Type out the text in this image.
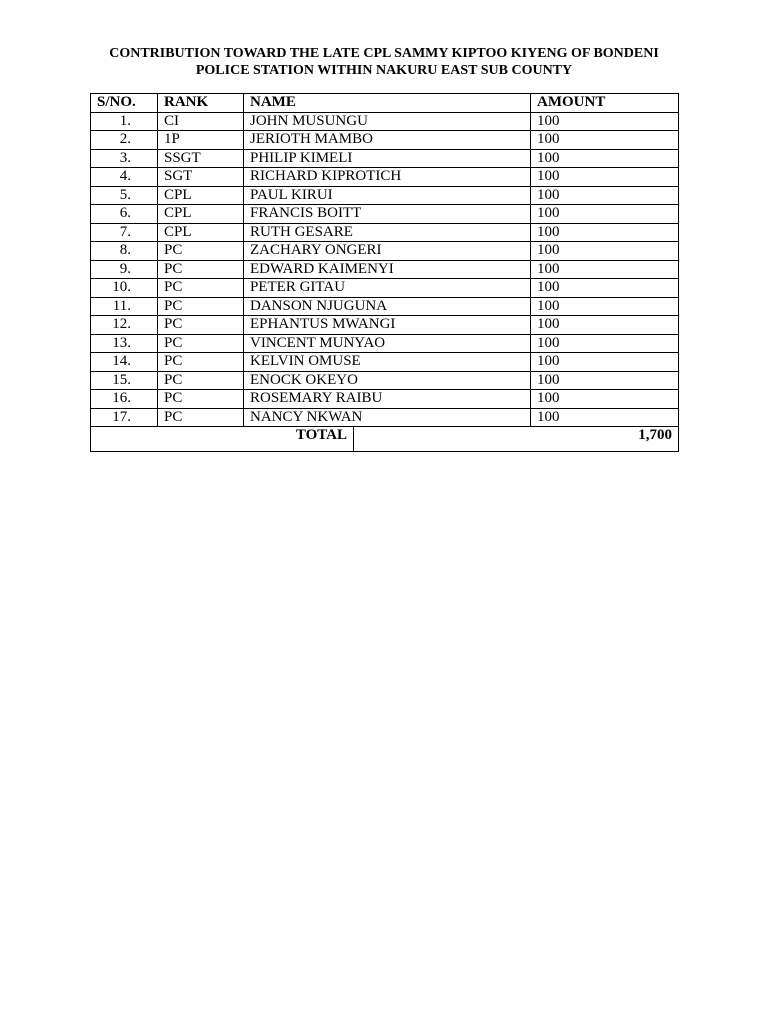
CONTRIBUTION TOWARD THE LATE CPL SAMMY KIPTOO KIYENG OF BONDENI
POLICE STATION WITHIN NAKURU EAST SUB COUNTY
S/NO.	RANK	NAME		AMOUNT
1.	CI	JOHN MUSUNGU		100
2.	1P	JERIOTH MAMBO		100
3.	SSGT	PHILIP KIMELI		100
4.	SGT	RICHARD KIPROTICH		100
5.	CPL	PAUL KIRUI		100
6.	CPL	FRANCIS BOITT		100
7.	CPL	RUTH GESARE		100
8.	PC	ZACHARY ONGERI		100
9.	PC	EDWARD KAIMENYI		100
10.	PC	PETER GITAU		100
11.	PC	DANSON NJUGUNA		100
12.	PC	EPHANTUS MWANGI		100
13.	PC	VINCENT MUNYAO		100
14.	PC	KELVIN OMUSE		100
15.	PC	ENOCK OKEYO		100
16.	PC	ROSEMARY RAIBU		100
17.	PC	NANCY NKWAN		100
TOTAL			1,700	
